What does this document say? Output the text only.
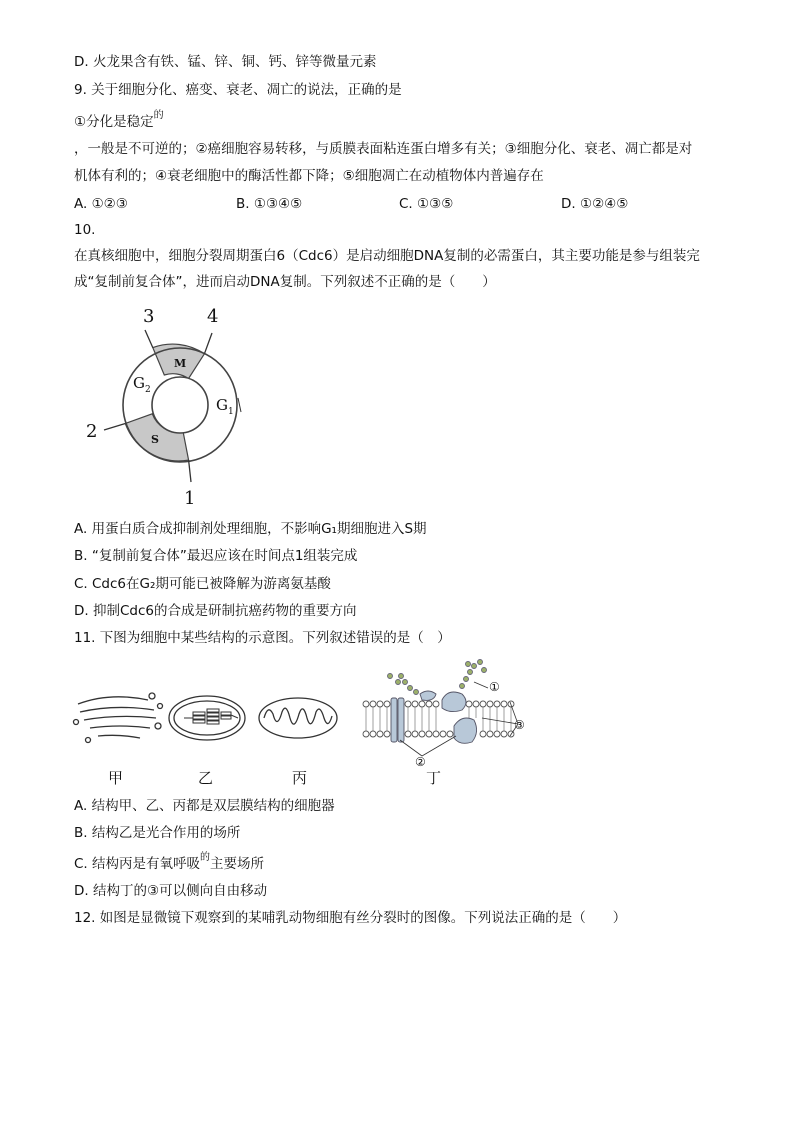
D. 火龙果含有铁、锰、锌、铜、钙、锌等微量元素
9. 关于细胞分化、癌变、衰老、凋亡的说法，正确的是
①分化是稳定$^的$
，一般是不可逆的；②癌细胞容易转移，与质膜表面粘连蛋白增多有关；③细胞分化、衰老、凋亡都是对
机体有利的；④衰老细胞中的酶活性都下降；⑤细胞凋亡在动植物体内普遍存在
A. ①②③	B. ①③④⑤	C. ①③⑤	D. ①②④⑤
10.
在真核细胞中，细胞分裂周期蛋白6（Cdc6）是启动细胞DNA复制的必需蛋白，其主要功能是参与组装完
成“复制前复合体”，进而启动DNA复制。下列叙述不正确的是（　　）
3	4
2
1
M
S
$G_2$
$G_1$
A. 用蛋白质合成抑制剂处理细胞，不影响G₁期细胞进入S期
B. “复制前复合体”最迟应该在时间点1组装完成
C. Cdc6在G₂期可能已被降解为游离氨基酸
D. 抑制Cdc6的合成是研制抗癌药物的重要方向
11. 下图为细胞中某些结构的示意图。下列叙述错误的是（　）
①
②
③
甲	乙	丙	丁
A. 结构甲、乙、丙都是双层膜结构的细胞器
B. 结构乙是光合作用的场所
C. 结构丙是有氧呼吸$^的$主要场所
D. 结构丁的③可以侧向自由移动
12. 如图是显微镜下观察到的某哺乳动物细胞有丝分裂时的图像。下列说法正确的是（　　）
